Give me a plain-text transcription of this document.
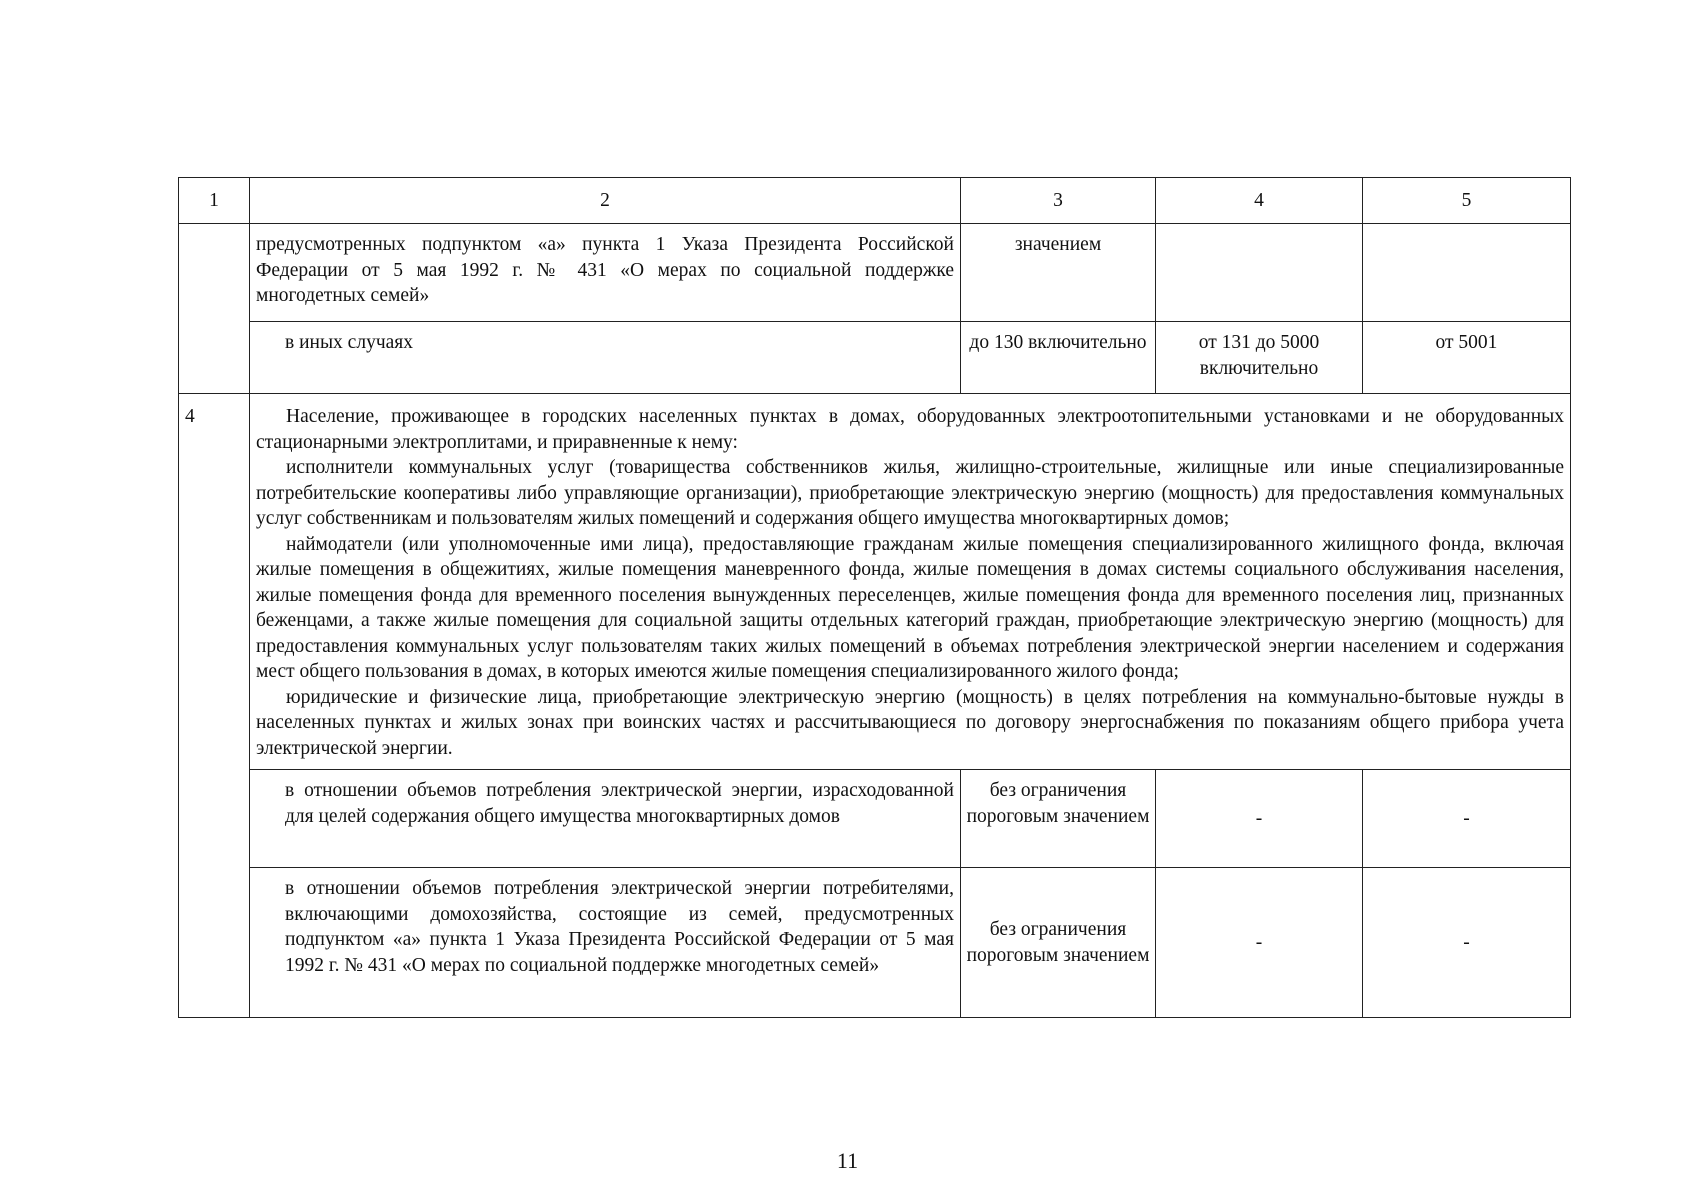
1	2	3	4	5
	предусмотренных подпунктом «а» пункта 1 Указа Президента Российской Федерации от 5 мая 1992 г. № 431 «О мерах по социальной поддержке многодетных семей»	значением		
	в иных случаях	до 130 включительно	от 131 до 5000 включительно	от 5001
4	Население, проживающее в городских населенных пунктах в домах, оборудованных электроотопительными установками и не оборудованных стационарными электроплитами, и приравненные к нему:

исполнители коммунальных услуг (товарищества собственников жилья, жилищно-строительные, жилищные или иные специализированные потребительские кооперативы либо управляющие организации), приобретающие электрическую энергию (мощность) для предоставления коммунальных услуг собственникам и пользователям жилых помещений и содержания общего имущества многоквартирных домов;

наймодатели (или уполномоченные ими лица), предоставляющие гражданам жилые помещения специализированного жилищного фонда, включая жилые помещения в общежитиях, жилые помещения маневренного фонда, жилые помещения в домах системы социального обслуживания населения, жилые помещения фонда для временного поселения вынужденных переселенцев, жилые помещения фонда для временного поселения лиц, признанных беженцами, а также жилые помещения для социальной защиты отдельных категорий граждан, приобретающие электрическую энергию (мощность) для предоставления коммунальных услуг пользователям таких жилых помещений в объемах потребления электрической энергии населением и содержания мест общего пользования в домах, в которых имеются жилые помещения специализированного жилого фонда;

юридические и физические лица, приобретающие электрическую энергию (мощность) в целях потребления на коммунально-бытовые нужды в населенных пунктах и жилых зонах при воинских частях и рассчитывающиеся по договору энергоснабжения по показаниям общего прибора учета электрической энергии.			

	в отношении объемов потребления электрической энергии, израсходованной для целей содержания общего имущества многоквартирных домов	без ограничения пороговым значением	-	-
	в отношении объемов потребления электрической энергии потребителями, включающими домохозяйства, состоящие из семей, предусмотренных подпунктом «а» пункта 1 Указа Президента Российской Федерации от 5 мая 1992 г. № 431 «О мерах по социальной поддержке многодетных семей»	без ограничения пороговым значением	-	-
11
